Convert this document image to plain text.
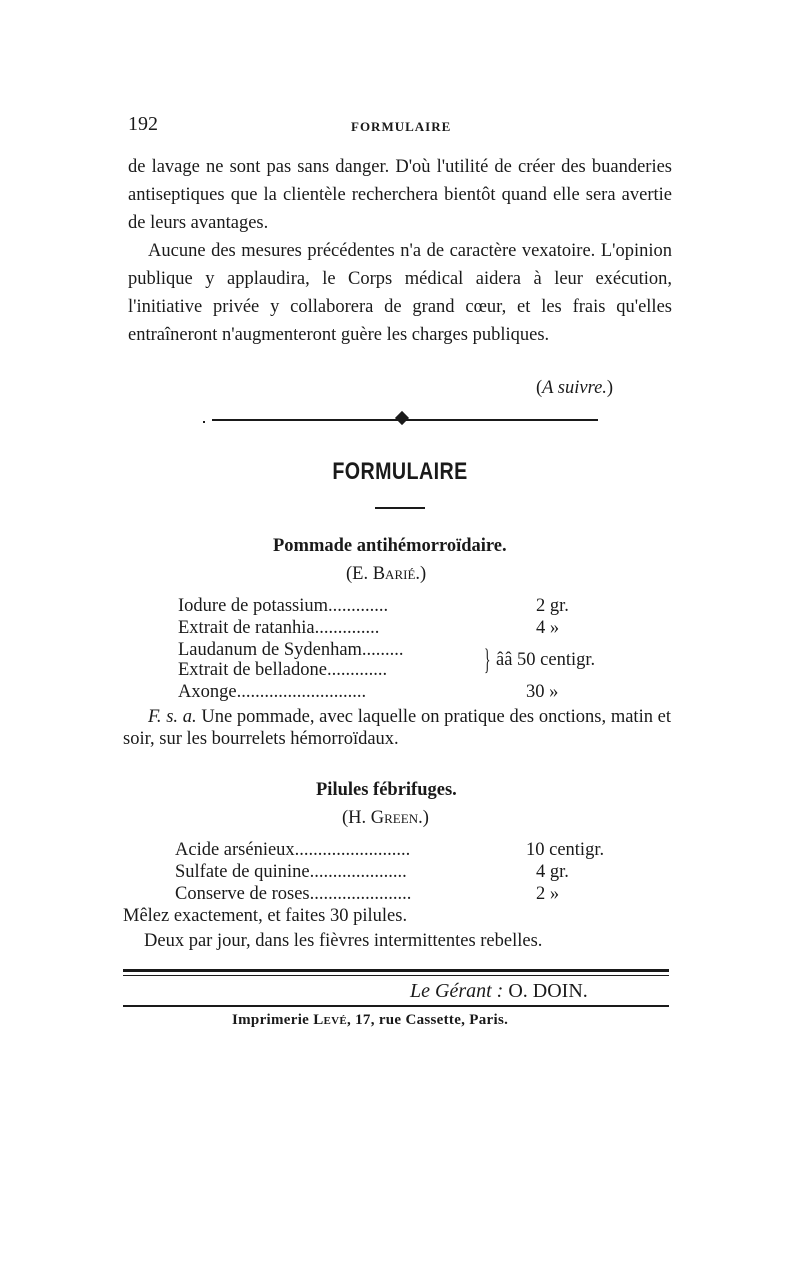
192	FORMULAIRE

de lavage ne sont pas sans danger. D'où l'utilité de créer des buanderies antiseptiques que la clientèle recherchera bientôt quand elle sera avertie de leurs avantages.

Aucune des mesures précédentes n'a de caractère vexatoire. L'opinion publique y applaudira, le Corps médical aidera à leur exécution, l'initiative privée y collaborera de grand cœur, et les frais qu'elles entraîneront n'augmenteront guère les charges publiques.

(A suivre.)
FORMULAIRE
Pommade antihémorroïdaire.
(E. Barié.)
Iodure de potassium.............	2 gr.
Extrait de ratanhia..............	4 »
Laudanum de Sydenham.........
Extrait de belladone.............	} ââ 50 centigr.
Axonge............................	30 »
F. s. a. Une pommade, avec laquelle on pratique des onctions, matin et soir, sur les bourrelets hémorroïdaux.
Pilules fébrifuges.
(H. Green.)
Acide arsénieux.........................	10 centigr.
Sulfate de quinine.....................	4 gr.
Conserve de roses......................	2 »
Mêlez exactement, et faites 30 pilules.
Deux par jour, dans les fièvres intermittentes rebelles.
Le Gérant : O. DOIN.
Imprimerie Levé, 17, rue Cassette, Paris.
